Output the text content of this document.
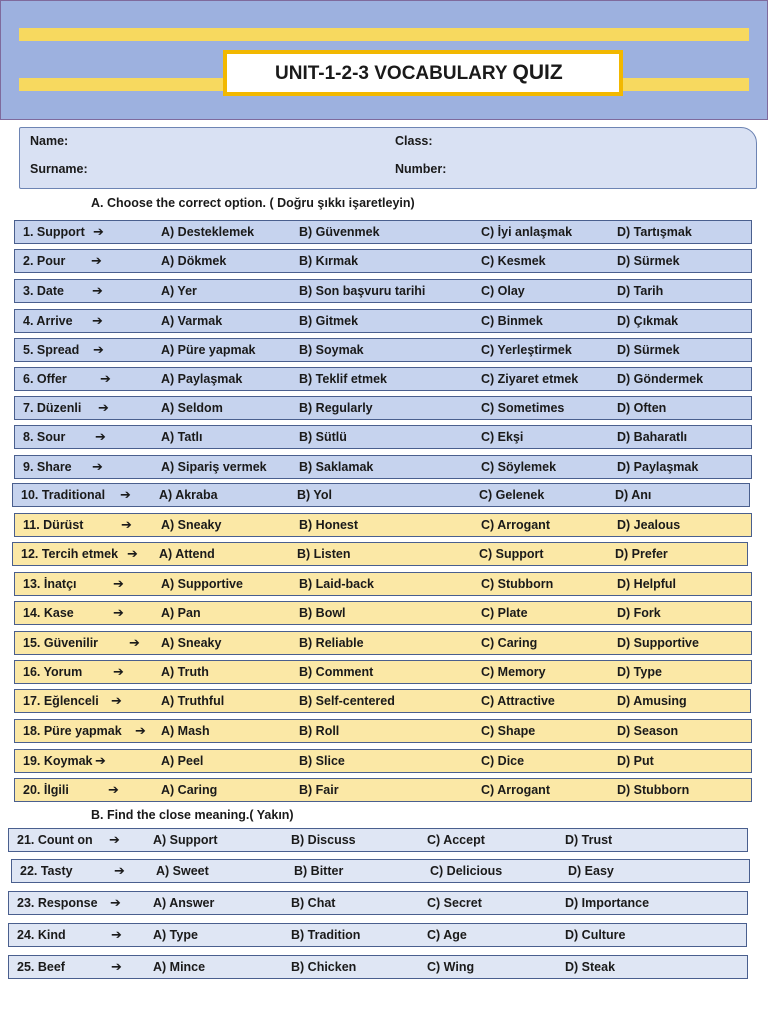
UNIT-1-2-3 VOCABULARY QUIZ
Name:	Class:
Surname:	Number:
A. Choose the correct option. ( Doğru şıkkı işaretleyin)
1. Support ➔	A) Desteklemek	B) Güvenmek	C) İyi anlaşmak	D) Tartışmak
2. Pour ➔	A) Dökmek	B) Kırmak	C) Kesmek	D) Sürmek
3. Date ➔	A) Yer	B) Son başvuru tarihi	C) Olay	D) Tarih
4. Arrive ➔	A) Varmak	B) Gitmek	C) Binmek	D) Çıkmak
5. Spread ➔	A) Püre yapmak	B) Soymak	C) Yerleştirmek	D) Sürmek
6. Offer	➔	A) Paylaşmak	B) Teklif etmek	C) Ziyaret etmek	D) Göndermek
7. Düzenli ➔	A) Seldom	B) Regularly	C) Sometimes	D) Often
8. Sour ➔	A) Tatlı	B) Sütlü	C) Ekşi	D) Baharatlı
9. Share ➔	A) Sipariş vermek	B) Saklamak	C) Söylemek	D) Paylaşmak
10. Traditional ➔ A) Akraba	B) Yol	C) Gelenek	D) Anı
11. Dürüst	➔ A) Sneaky	B) Honest	C) Arrogant	D) Jealous
12. Tercih etmek ➔ A) Attend	B) Listen	C) Support	D) Prefer
13. İnatçı	➔	A) Supportive	B) Laid-back	C) Stubborn	D) Helpful
14. Kase	➔	A) Pan	B) Bowl	C) Plate	D) Fork
15. Güvenilir ➔ A) Sneaky	B) Reliable	C) Caring	D) Supportive
16. Yorum ➔	A) Truth	B) Comment	C) Memory	D) Type
17. Eğlenceli ➔	A) Truthful	B) Self-centered	C) Attractive	D) Amusing
18. Püre yapmak ➔ A) Mash	B) Roll	C) Shape	D) Season
19. Koymak ➔	A) Peel	B) Slice	C) Dice	D) Put
20. İlgili	➔	A) Caring	B) Fair	C) Arrogant	D) Stubborn
B. Find the close meaning.( Yakın)
21. Count on ➔	A) Support	B) Discuss	C) Accept	D) Trust
22. Tasty	➔ A) Sweet	B) Bitter	C) Delicious	D) Easy
23. Response ➔	A) Answer	B) Chat	C) Secret	D) Importance
24. Kind	➔ A) Type	B) Tradition	C) Age	D) Culture
25. Beef	➔ A) Mince	B) Chicken	C) Wing	D) Steak
